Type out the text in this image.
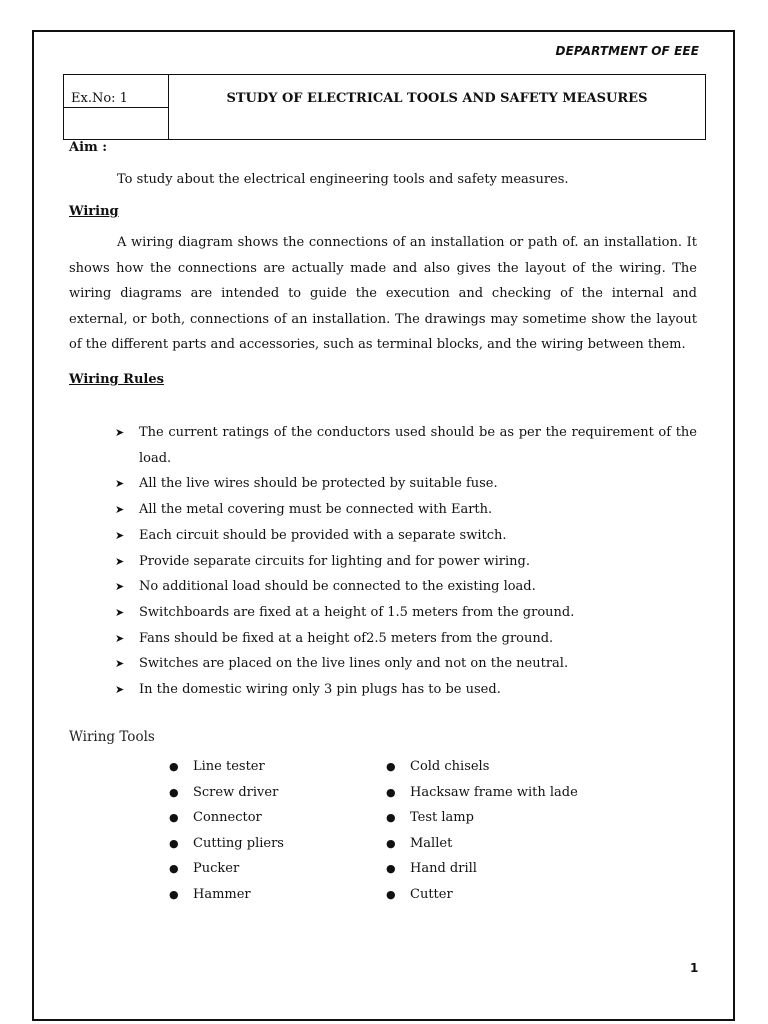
DEPARTMENT OF EEE
Ex.No: 1	STUDY OF ELECTRICAL TOOLS AND SAFETY MEASURES
Aim :
To study about the electrical engineering tools and safety measures.
Wiring

A wiring diagram shows the connections of an installation or path of. an installation. It shows how the connections are actually made and also gives the layout of the wiring. The wiring diagrams are intended to guide the execution and checking of the internal and external, or both, connections of an installation. The drawings may sometime show the layout of the different parts and accessories, such as terminal blocks, and the wiring between them.

Wiring Rules
➤ The current ratings of the conductors used should be as per the requirement of the load.
➤ All the live wires should be protected by suitable fuse.
➤ All the metal covering must be connected with Earth.
➤ Each circuit should be provided with a separate switch.
➤ Provide separate circuits for lighting and for power wiring.
➤ No additional load should be connected to the existing load.
➤ Switchboards are fixed at a height of 1.5 meters from the ground.
➤ Fans should be fixed at a height of2.5 meters from the ground.
➤ Switches are placed on the live lines only and not on the neutral.
➤ In the domestic wiring only 3 pin plugs has to be used.
Wiring Tools
● Line tester
● Screw driver
● Connector
● Cutting pliers
● Pucker
● Hammer
● Cold chisels
● Hacksaw frame with lade
● Test lamp
● Mallet
● Hand drill
● Cutter
1
